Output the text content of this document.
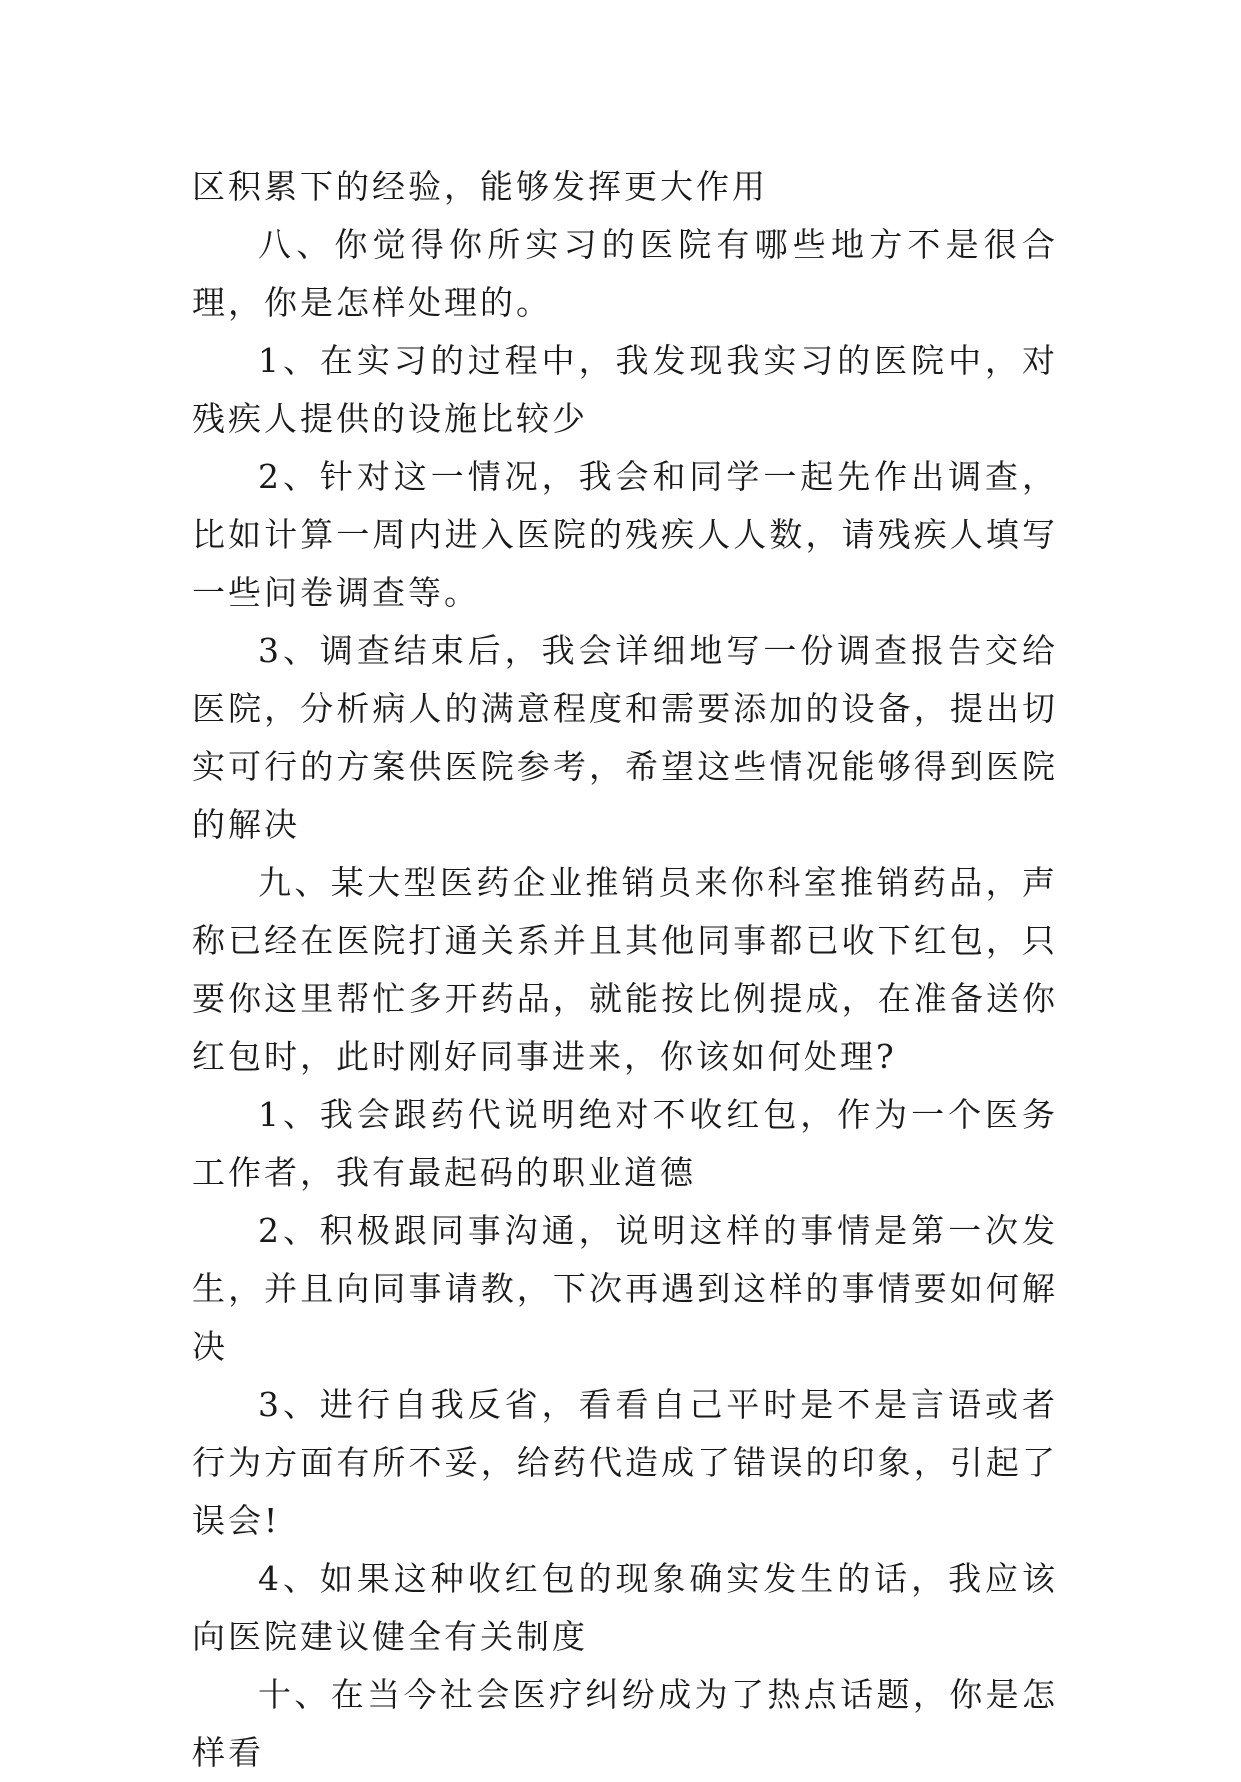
区积累下的经验，能够发挥更大作用

八、你觉得你所实习的医院有哪些地方不是很合理，你是怎样处理的。

1、在实习的过程中，我发现我实习的医院中，对残疾人提供的设施比较少

2、针对这一情况，我会和同学一起先作出调查，比如计算一周内进入医院的残疾人人数，请残疾人填写一些问卷调查等。

3、调查结束后，我会详细地写一份调查报告交给医院，分析病人的满意程度和需要添加的设备，提出切实可行的方案供医院参考，希望这些情况能够得到医院的解决

九、某大型医药企业推销员来你科室推销药品，声称已经在医院打通关系并且其他同事都已收下红包，只要你这里帮忙多开药品，就能按比例提成，在准备送你红包时，此时刚好同事进来，你该如何处理?

1、我会跟药代说明绝对不收红包，作为一个医务工作者，我有最起码的职业道德

2、积极跟同事沟通，说明这样的事情是第一次发生，并且向同事请教，下次再遇到这样的事情要如何解决

3、进行自我反省，看看自己平时是不是言语或者行为方面有所不妥，给药代造成了错误的印象，引起了误会!

4、如果这种收红包的现象确实发生的话，我应该向医院建议健全有关制度

十、在当今社会医疗纠纷成为了热点话题，你是怎样看
